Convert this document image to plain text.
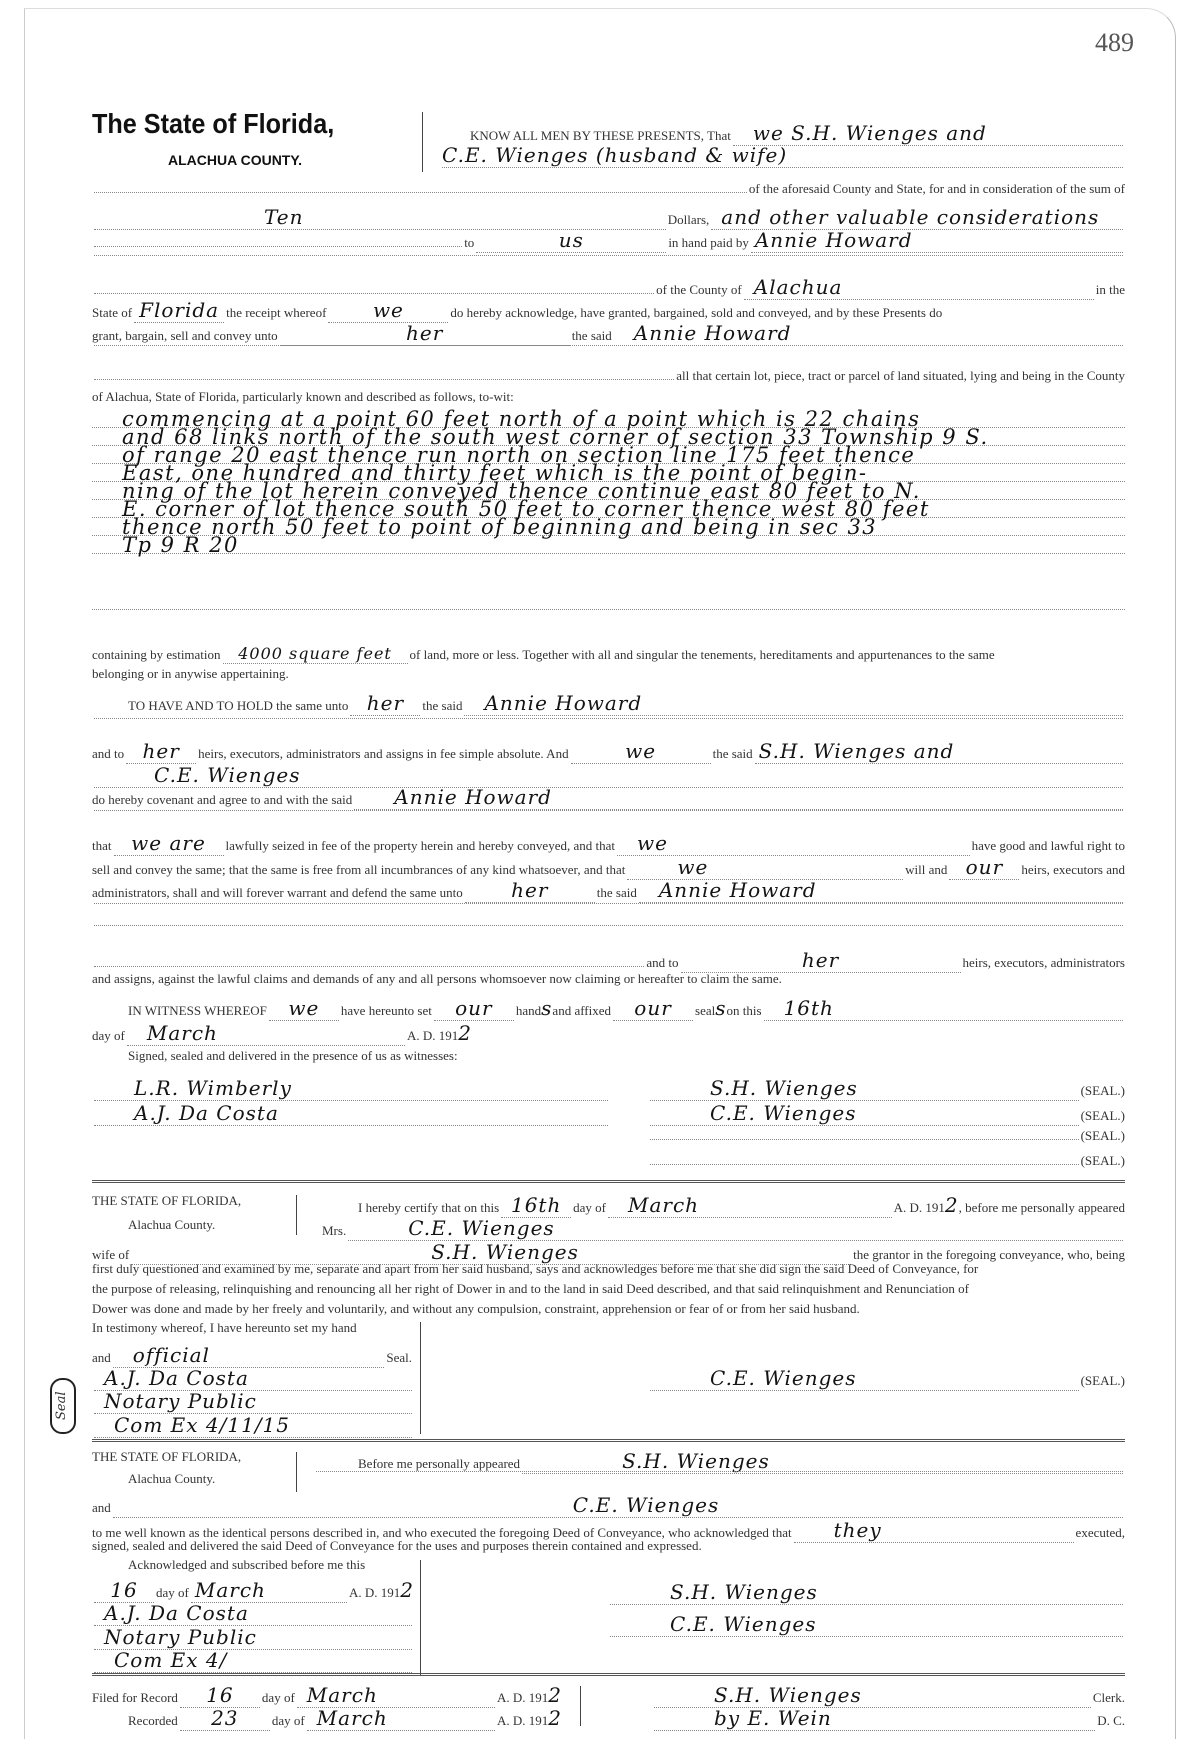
489
The State of Florida,
ALACHUA COUNTY.
KNOW ALL MEN BY THESE PRESENTS, That	we S.H. Wienges and
C.E. Wienges (husband & wife)
of the aforesaid County and State, for and in consideration of the sum of
Ten	Dollars, and other valuable considerations
to	us	in hand paid by Annie Howard
of the County of Alachua	in the
State of Florida the receipt whereof	we	do hereby acknowledge, have granted, bargained, sold and conveyed, and by these Presents do
grant, bargain, sell and convey unto	her	the said	Annie Howard
all that certain lot, piece, tract or parcel of land situated, lying and being in the County
of Alachua, State of Florida, particularly known and described as follows, to-wit:
commencing at a point 60 feet north of a point which is 22 chains
and 68 links north of the south west corner of section 33 Township 9 S.
of range 20 east thence run north on section line 175 feet thence
East, one hundred and thirty feet which is the point of begin-
ning of the lot herein conveyed thence continue east 80 feet to N.
E. corner of lot thence south 50 feet to corner thence west 80 feet
thence north 50 feet to point of beginning and being in sec 33
Tp 9 R 20
containing by estimation	4000 square feet	of land, more or less. Together with all and singular the tenements, hereditaments and appurtenances to the same
belonging or in anywise appertaining.
TO HAVE AND TO HOLD the same unto her	the said	Annie Howard
and to her	heirs, executors, administrators and assigns in fee simple absolute. And	we	the said S.H. Wienges and
C.E. Wienges
do hereby covenant and agree to and with the said	Annie Howard
that we are	lawfully seized in fee of the property herein and hereby conveyed, and that	we	have good and lawful right to
sell and convey the same; that the same is free from all incumbrances of any kind whatsoever, and that	we	will and our	heirs, executors and
administrators, shall and will forever warrant and defend the same unto	her	the said	Annie Howard
and to	her	heirs, executors, administrators
and assigns, against the lawful claims and demands of any and all persons whomsoever now claiming or hereafter to claim the same.
IN WITNESS WHEREOF	we	have hereunto set	our	hand s and affixed	our	seal s on this	16th
day of	March	A. D. 191 2
Signed, sealed and delivered in the presence of us as witnesses:
L.R. Wimberly
A.J. Da Costa
S.H. Wienges	(SEAL.)
C.E. Wienges	(SEAL.)
(SEAL.)
(SEAL.)
THE STATE OF FLORIDA,
Alachua County.
I hereby certify that on this 16th day of	March	A. D. 191 2 , before me personally appeared
Mrs.	C.E. Wienges
wife of	S.H. Wienges	the grantor in the foregoing conveyance, who, being
first duly questioned and examined by me, separate and apart from her said husband, says and acknowledges before me that she did sign the said Deed of Conveyance, for
the purpose of releasing, relinquishing and renouncing all her right of Dower in and to the land in said Deed described, and that said relinquishment and Renunciation of
Dower was done and made by her freely and voluntarily, and without any compulsion, constraint, apprehension or fear of or from her said husband.
In testimony whereof, I have hereunto set my hand
and	official	Seal.
A.J. Da Costa
Notary Public
Com Ex 4/11/15
Seal
C.E. Wienges	(SEAL.)
THE STATE OF FLORIDA,
Alachua County.
Before me personally appeared	S.H. Wienges
and	C.E. Wienges
to me well known as the identical persons described in, and who executed the foregoing Deed of Conveyance, who acknowledged that	they	executed,
signed, sealed and delivered the said Deed of Conveyance for the uses and purposes therein contained and expressed.
Acknowledged and subscribed before me this
16	day of March	A. D. 191 2
A.J. Da Costa
Notary Public
Com Ex 4/
S.H. Wienges
C.E. Wienges
Filed for Record	16	day of March	A. D. 191 2
Recorded	23	day of March	A. D. 191 2
S.H. Wienges	Clerk.
by E. Wein	D. C.
